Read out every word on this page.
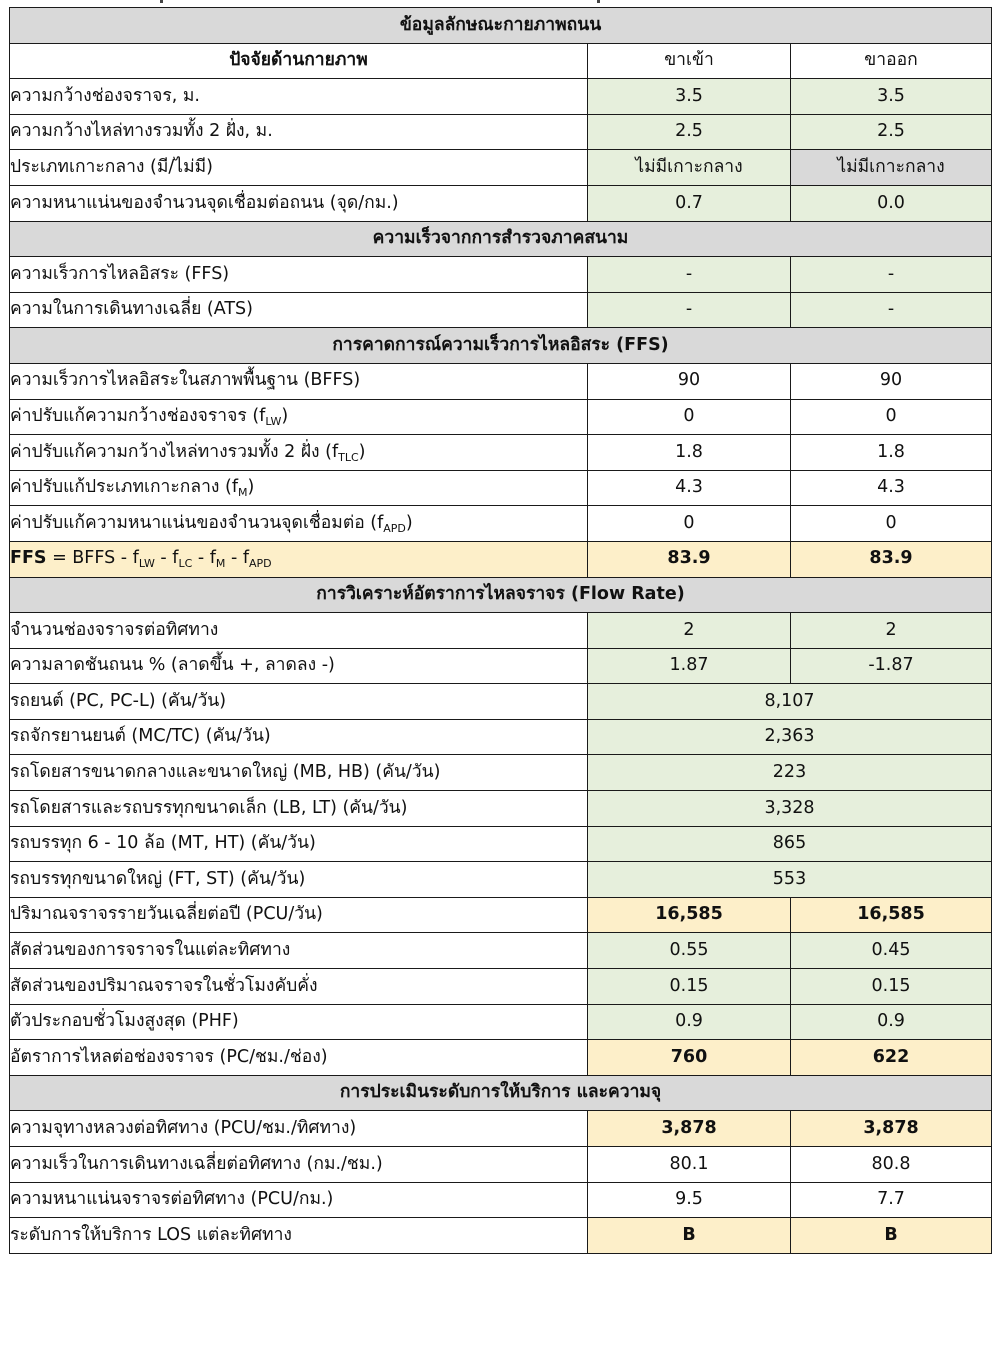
ข้อมูลลักษณะกายภาพถนน		
ปัจจัยด้านกายภาพ	ขาเข้า	ขาออก
ความกว้างช่องจราจร, ม.	3.5	3.5
ความกว้างไหล่ทางรวมทั้ง 2 ฝั่ง, ม.	2.5	2.5
ประเภทเกาะกลาง (มี/ไม่มี)	ไม่มีเกาะกลาง	ไม่มีเกาะกลาง
ความหนาแน่นของจำนวนจุดเชื่อมต่อถนน (จุด/กม.)	0.7	0.0
ความเร็วจากการสำรวจภาคสนาม		
ความเร็วการไหลอิสระ (FFS)	-	-
ความในการเดินทางเฉลี่ย (ATS)	-	-
การคาดการณ์ความเร็วการไหลอิสระ (FFS)		
ความเร็วการไหลอิสระในสภาพพื้นฐาน (BFFS)	90	90
ค่าปรับแก้ความกว้างช่องจราจร $(f_{LW})$	0	0
ค่าปรับแก้ความกว้างไหล่ทางรวมทั้ง 2 ฝั่ง $(f_{TLC})$	1.8	1.8
ค่าปรับแก้ประเภทเกาะกลาง $(f_M)$	4.3	4.3
ค่าปรับแก้ความหนาแน่นของจำนวนจุดเชื่อมต่อ $(f_{APD})$	0	0
FFS = BFFS - $f_{LW} - f_{LC} - f_M - f_{APD}$	83.9	83.9
การวิเคราะห์อัตราการไหลจราจร (Flow Rate)		
จำนวนช่องจราจรต่อทิศทาง	2	2
ความลาดชันถนน % (ลาดขึ้น +, ลาดลง -)	1.87	-1.87
รถยนต์ (PC, PC-L) (คัน/วัน)	8,107	
รถจักรยานยนต์ (MC/TC) (คัน/วัน)	2,363	
รถโดยสารขนาดกลางและขนาดใหญ่ (MB, HB) (คัน/วัน)	223	
รถโดยสารและรถบรรทุกขนาดเล็ก (LB, LT) (คัน/วัน)	3,328	
รถบรรทุก 6 - 10 ล้อ (MT, HT) (คัน/วัน)	865	
รถบรรทุกขนาดใหญ่ (FT, ST) (คัน/วัน)	553	
ปริมาณจราจรรายวันเฉลี่ยต่อปี (PCU/วัน)	16,585	16,585
สัดส่วนของการจราจรในแต่ละทิศทาง	0.55	0.45
สัดส่วนของปริมาณจราจรในชั่วโมงคับคั่ง	0.15	0.15
ตัวประกอบชั่วโมงสูงสุด (PHF)	0.9	0.9
อัตราการไหลต่อช่องจราจร (PC/ชม./ช่อง)	760	622
การประเมินระดับการให้บริการ และความจุ		
ความจุทางหลวงต่อทิศทาง (PCU/ชม./ทิศทาง)	3,878	3,878
ความเร็วในการเดินทางเฉลี่ยต่อทิศทาง (กม./ชม.)	80.1	80.8
ความหนาแน่นจราจรต่อทิศทาง (PCU/กม.)	9.5	7.7
ระดับการให้บริการ LOS แต่ละทิศทาง	B	B
